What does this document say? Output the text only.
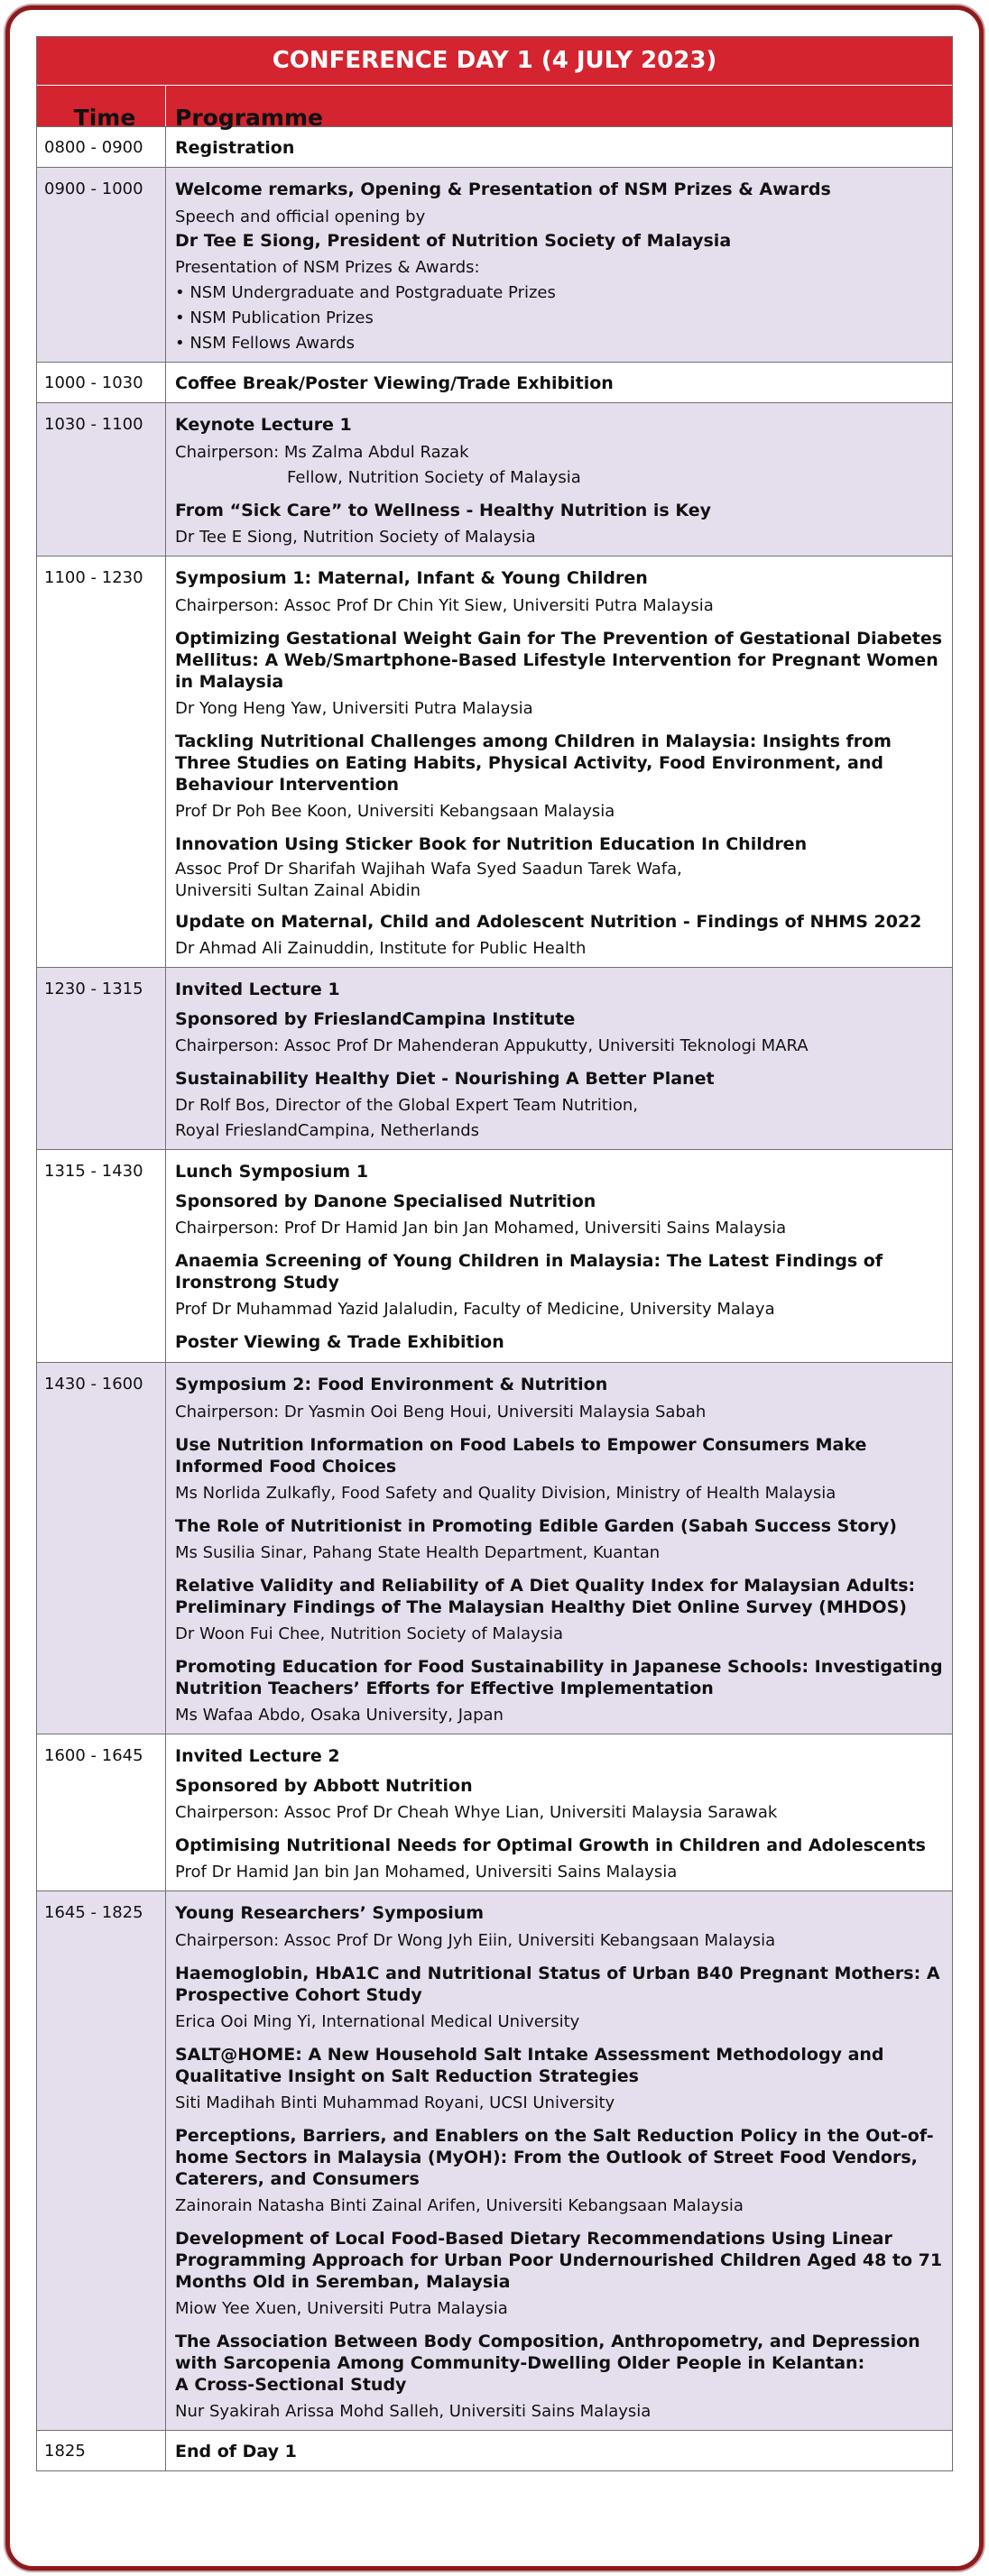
CONFERENCE DAY 1 (4 JULY 2023)
Time	Programme
0800 - 0900	Registration

0900 - 1000	Welcome remarks, Opening & Presentation of NSM Prizes & Awards

Speech and official opening by

Dr Tee E Siong, President of Nutrition Society of Malaysia

Presentation of NSM Prizes & Awards:

• NSM Undergraduate and Postgraduate Prizes

• NSM Publication Prizes

• NSM Fellows Awards

1000 - 1030	Coffee Break/Poster Viewing/Trade Exhibition

1030 - 1100	Keynote Lecture 1

Chairperson: Ms Zalma Abdul Razak

Fellow, Nutrition Society of Malaysia

From “Sick Care” to Wellness - Healthy Nutrition is Key

Dr Tee E Siong, Nutrition Society of Malaysia

1100 - 1230	Symposium 1: Maternal, Infant & Young Children

Chairperson: Assoc Prof Dr Chin Yit Siew, Universiti Putra Malaysia

Optimizing Gestational Weight Gain for The Prevention of Gestational Diabetes Mellitus: A Web/Smartphone-Based Lifestyle Intervention for Pregnant Women in Malaysia

Dr Yong Heng Yaw, Universiti Putra Malaysia

Tackling Nutritional Challenges among Children in Malaysia: Insights from Three Studies on Eating Habits, Physical Activity, Food Environment, and Behaviour Intervention

Prof Dr Poh Bee Koon, Universiti Kebangsaan Malaysia

Innovation Using Sticker Book for Nutrition Education In Children

Assoc Prof Dr Sharifah Wajihah Wafa Syed Saadun Tarek Wafa,

Universiti Sultan Zainal Abidin

Update on Maternal, Child and Adolescent Nutrition - Findings of NHMS 2022

Dr Ahmad Ali Zainuddin, Institute for Public Health

1230 - 1315	Invited Lecture 1

Sponsored by FrieslandCampina Institute

Chairperson: Assoc Prof Dr Mahenderan Appukutty, Universiti Teknologi MARA

Sustainability Healthy Diet - Nourishing A Better Planet

Dr Rolf Bos, Director of the Global Expert Team Nutrition,

Royal FrieslandCampina, Netherlands

1315 - 1430	Lunch Symposium 1

Sponsored by Danone Specialised Nutrition

Chairperson: Prof Dr Hamid Jan bin Jan Mohamed, Universiti Sains Malaysia

Anaemia Screening of Young Children in Malaysia: The Latest Findings of Ironstrong Study

Prof Dr Muhammad Yazid Jalaludin, Faculty of Medicine, University Malaya

Poster Viewing & Trade Exhibition

1430 - 1600	Symposium 2: Food Environment & Nutrition

Chairperson: Dr Yasmin Ooi Beng Houi, Universiti Malaysia Sabah

Use Nutrition Information on Food Labels to Empower Consumers Make Informed Food Choices

Ms Norlida Zulkafly, Food Safety and Quality Division, Ministry of Health Malaysia

The Role of Nutritionist in Promoting Edible Garden (Sabah Success Story)

Ms Susilia Sinar, Pahang State Health Department, Kuantan

Relative Validity and Reliability of A Diet Quality Index for Malaysian Adults: Preliminary Findings of The Malaysian Healthy Diet Online Survey (MHDOS)

Dr Woon Fui Chee, Nutrition Society of Malaysia

Promoting Education for Food Sustainability in Japanese Schools: Investigating Nutrition Teachers’ Efforts for Effective Implementation

Ms Wafaa Abdo, Osaka University, Japan

1600 - 1645	Invited Lecture 2

Sponsored by Abbott Nutrition

Chairperson: Assoc Prof Dr Cheah Whye Lian, Universiti Malaysia Sarawak

Optimising Nutritional Needs for Optimal Growth in Children and Adolescents

Prof Dr Hamid Jan bin Jan Mohamed, Universiti Sains Malaysia

1645 - 1825	Young Researchers’ Symposium

Chairperson: Assoc Prof Dr Wong Jyh Eiin, Universiti Kebangsaan Malaysia

Haemoglobin, HbA1C and Nutritional Status of Urban B40 Pregnant Mothers: A Prospective Cohort Study

Erica Ooi Ming Yi, International Medical University

SALT@HOME: A New Household Salt Intake Assessment Methodology and Qualitative Insight on Salt Reduction Strategies

Siti Madihah Binti Muhammad Royani, UCSI University

Perceptions, Barriers, and Enablers on the Salt Reduction Policy in the Out-of-home Sectors in Malaysia (MyOH): From the Outlook of Street Food Vendors, Caterers, and Consumers

Zainorain Natasha Binti Zainal Arifen, Universiti Kebangsaan Malaysia

Development of Local Food-Based Dietary Recommendations Using Linear Programming Approach for Urban Poor Undernourished Children Aged 48 to 71 Months Old in Seremban, Malaysia

Miow Yee Xuen, Universiti Putra Malaysia

The Association Between Body Composition, Anthropometry, and Depression with Sarcopenia Among Community-Dwelling Older People in Kelantan:

A Cross-Sectional Study

Nur Syakirah Arissa Mohd Salleh, Universiti Sains Malaysia

1825	End of Day 1
